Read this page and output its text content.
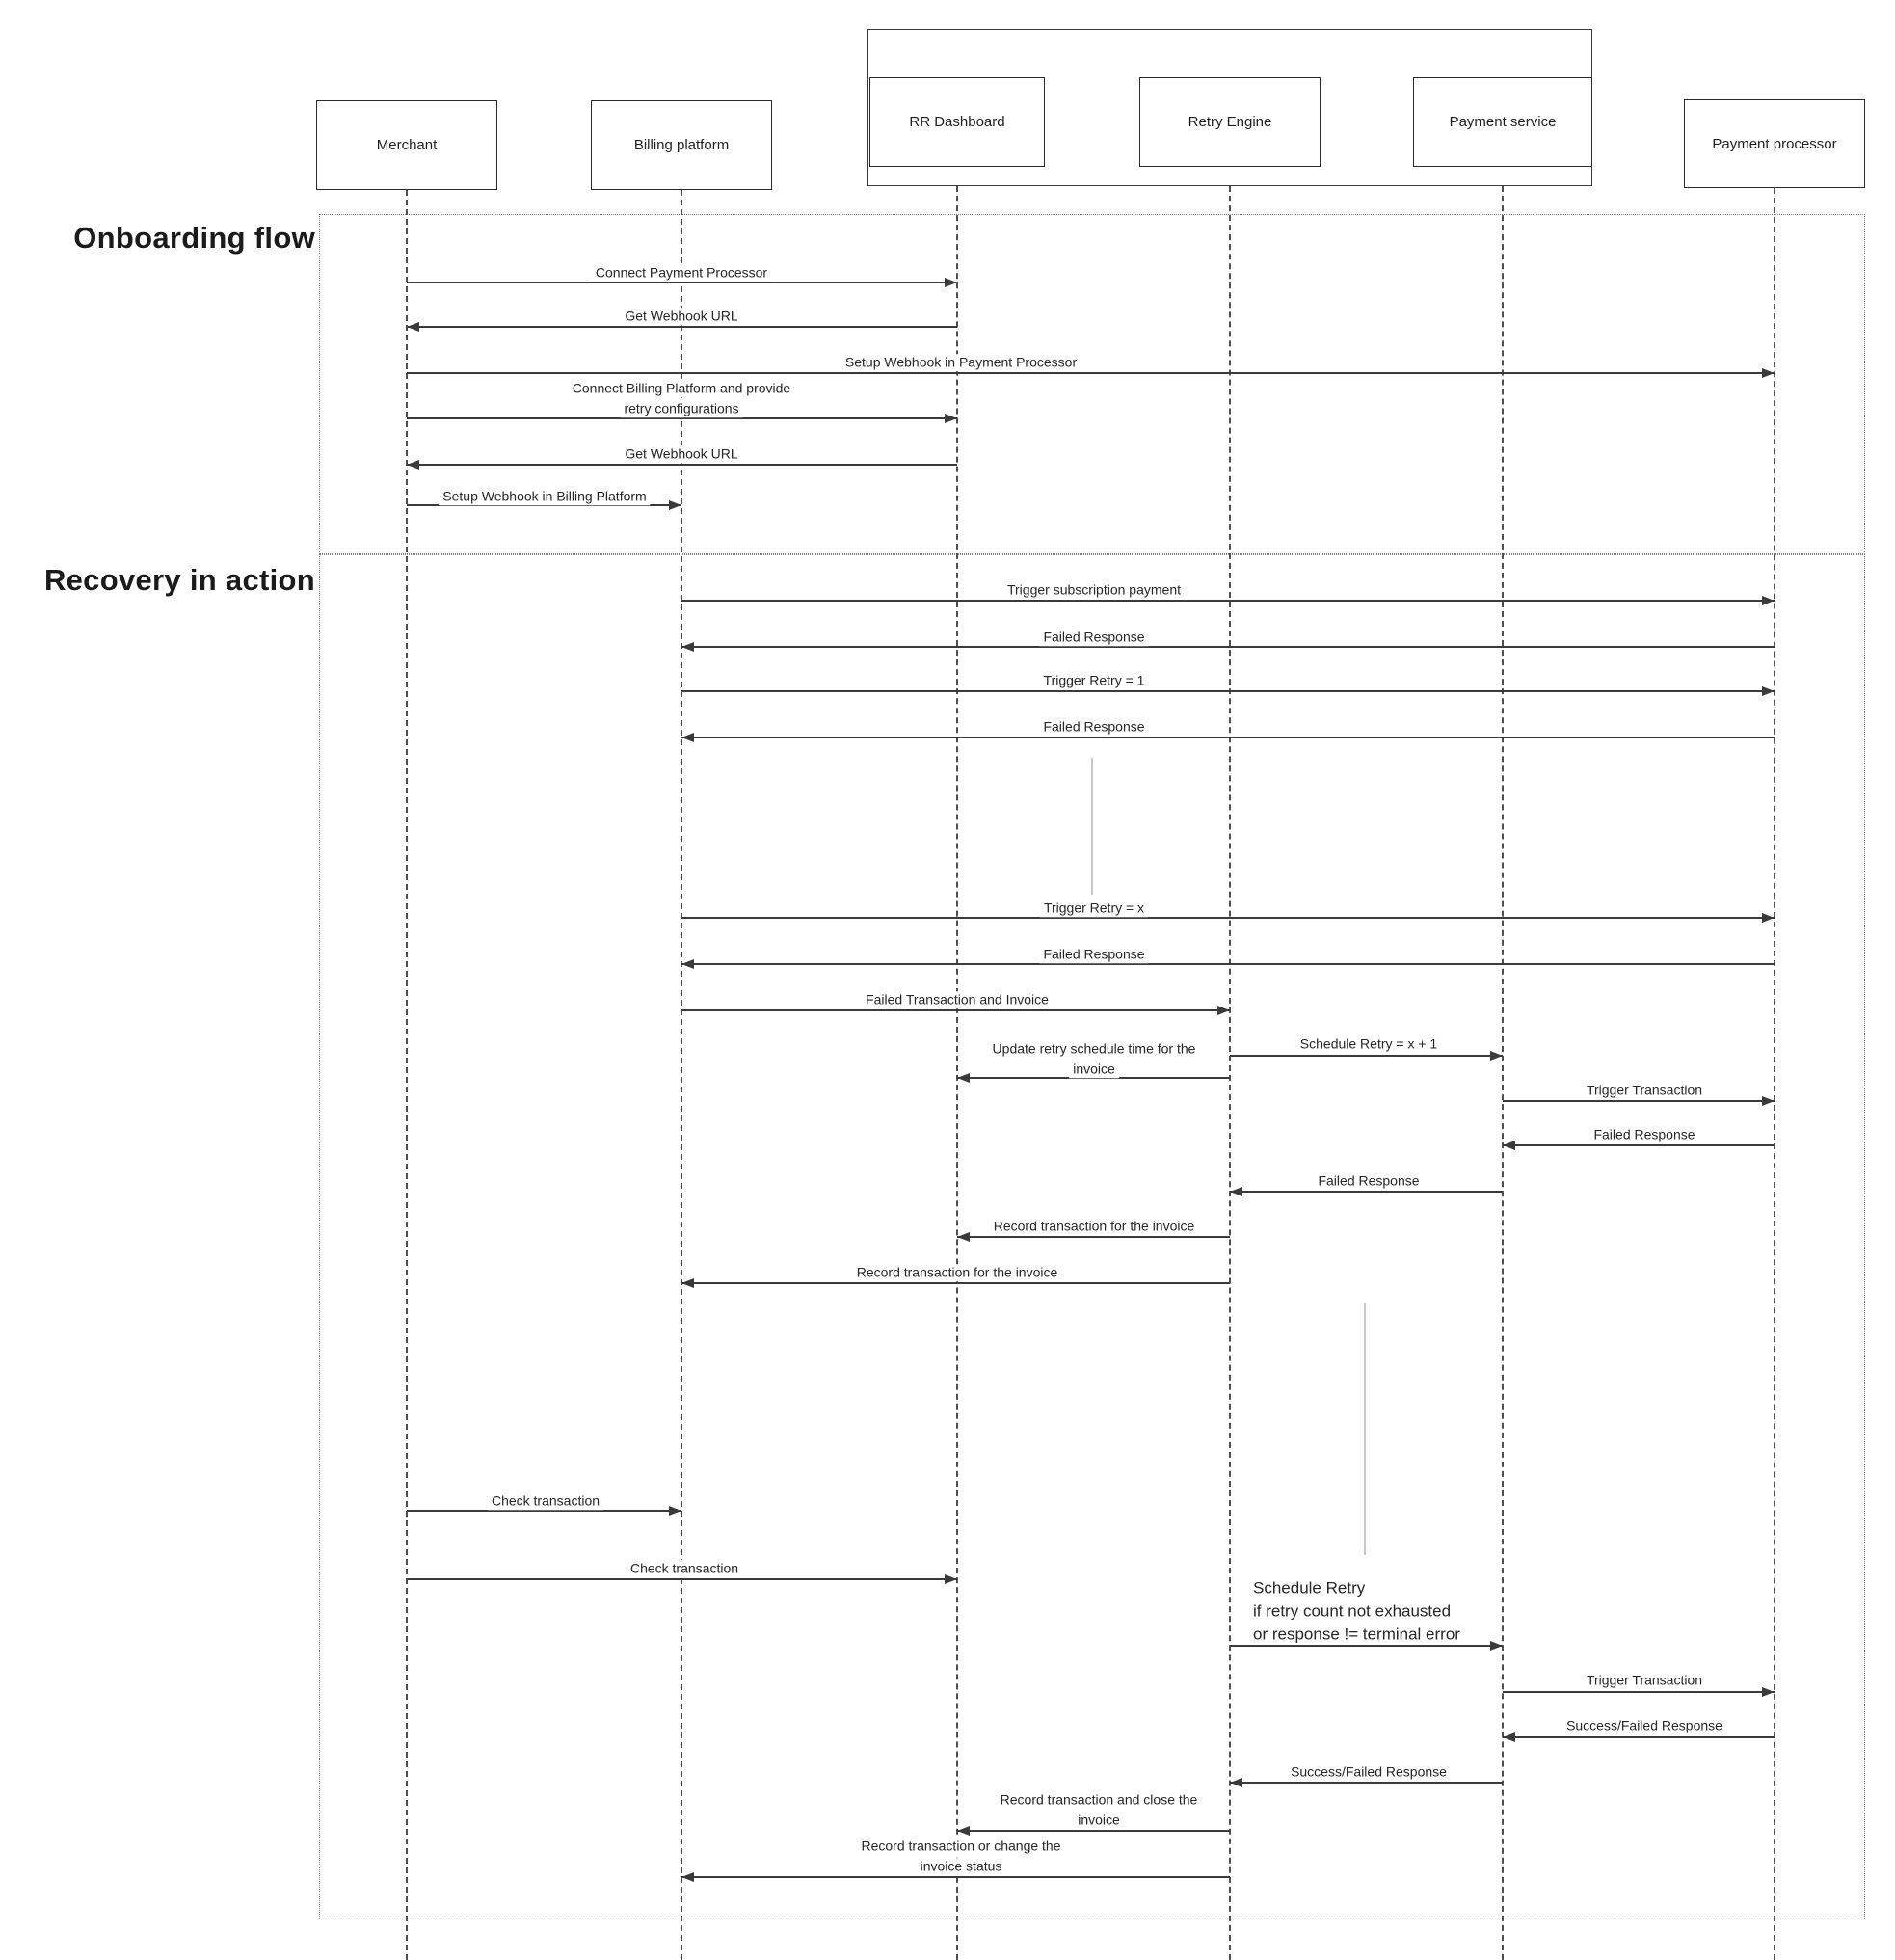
Onboarding flow
Recovery in action
Merchant	Billing platform
RR Dashboard	Retry Engine	Payment service
Payment processor
Connect Payment Processor
Get Webhook URL
Setup Webhook in Payment Processor
Connect Billing Platform and provide
retry configurations
Get Webhook URL
Setup Webhook in Billing Platform
Trigger subscription payment
Failed Response
Trigger Retry = 1
Failed Response
Trigger Retry = x
Failed Response
Failed Transaction and Invoice
Schedule Retry = x + 1
Update retry schedule time for the
invoice
Trigger Transaction
Failed Response
Failed Response
Record transaction for the invoice
Record transaction for the invoice
Check transaction
Check transaction
Schedule Retry
if retry count not exhausted
or response != terminal error
Trigger Transaction
Success/Failed Response
Success/Failed Response
Record transaction and close the
invoice
Record transaction or change the
invoice status
